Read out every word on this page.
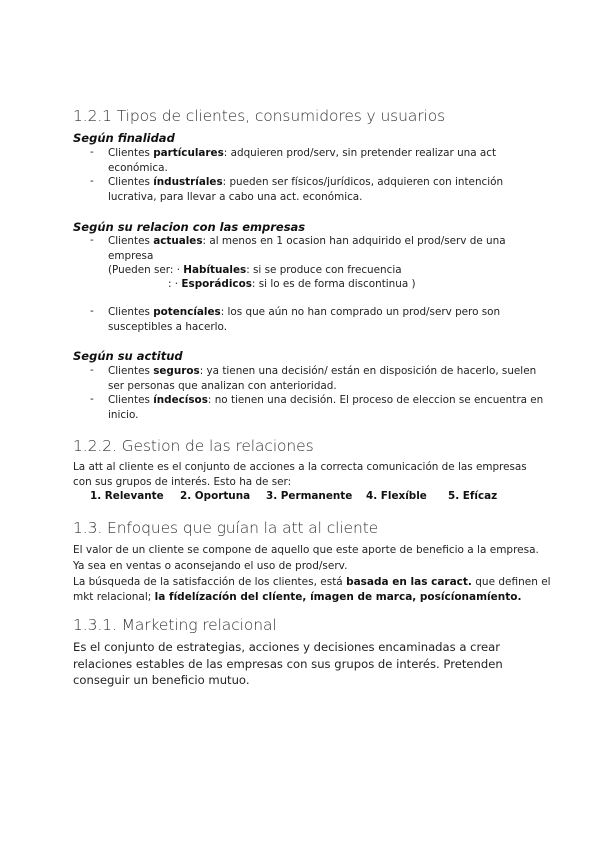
1.2.1 Tipos de clientes, consumidores y usuarios
Según finalidad
- Clientes partículares: adquieren prod/serv, sin pretender realizar una act
económica.
- Clientes índustríales: pueden ser físicos/jurídicos, adquieren con intención
lucrativa, para llevar a cabo una act. económica.
Según su relacion con las empresas
- Clientes actuales: al menos en 1 ocasion han adquirido el prod/serv de una
empresa
(Pueden ser: · Habítuales: si se produce con frecuencia
: · Esporádicos: si lo es de forma discontinua )
- Clientes potencíales: los que aún no han comprado un prod/serv pero son
susceptibles a hacerlo.
Según su actitud
- Clientes seguros: ya tienen una decisión/ están en disposición de hacerlo, suelen
ser personas que analizan con anterioridad.
- Clientes índecísos: no tienen una decisión. El proceso de eleccion se encuentra en
inicio.
1.2.2. Gestion de las relaciones
La att al cliente es el conjunto de acciones a la correcta comunicación de las empresas
con sus grupos de interés. Esto ha de ser:
1. Relevante 2. Oportuna 3. Permanente 4. Flexíble 5. Efícaz
1.3. Enfoques que guían la att al cliente
El valor de un cliente se compone de aquello que este aporte de beneficio a la empresa.
Ya sea en ventas o aconsejando el uso de prod/serv.
La búsqueda de la satisfacción de los clientes, está basada en las caract. que definen el
mkt relacional; la fídelízacíón del clíente, ímagen de marca, posícíonamíento.
1.3.1. Marketing relacional
Es el conjunto de estrategias, acciones y decisiones encaminadas a crear
relaciones estables de las empresas con sus grupos de interés. Pretenden
conseguir un beneficio mutuo.
